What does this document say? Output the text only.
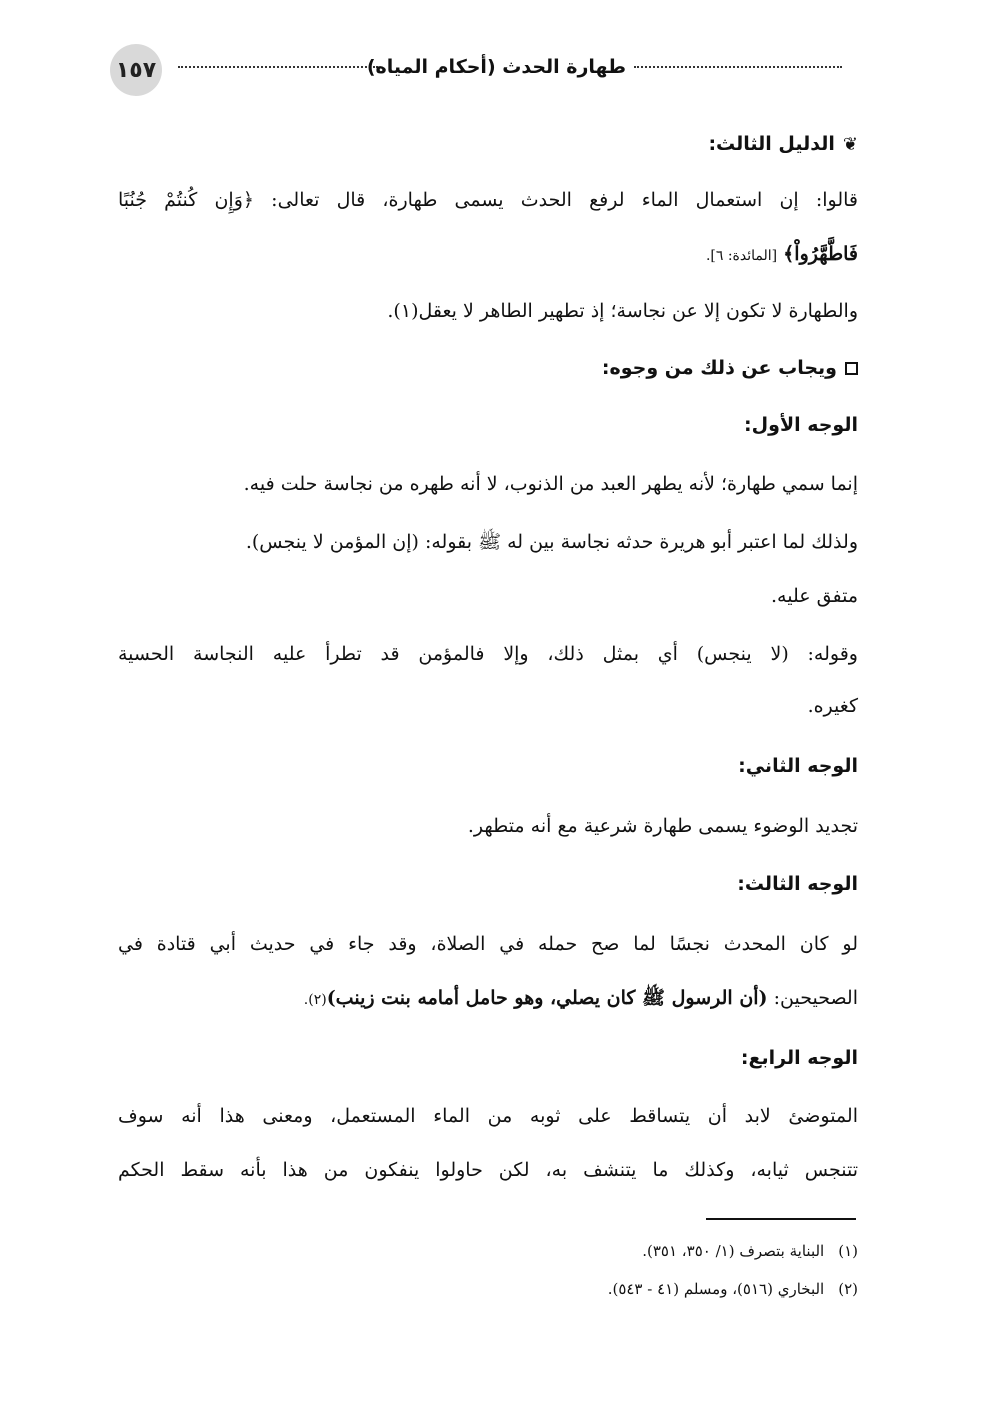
١٥٧	طهارة الحدث (أحكام المياه)
❦الدليل الثالث:
قالوا: إن استعمال الماء لرفع الحدث يسمى طهارة، قال تعالى: ﴿وَإِن كُنتُمْ جُنُبًا
فَاطَّهَّرُواْ﴾ [المائدة: ٦].
والطهارة لا تكون إلا عن نجاسة؛ إذ تطهير الطاهر لا يعقل(١).
ويجاب عن ذلك من وجوه:
الوجه الأول:
إنما سمي طهارة؛ لأنه يطهر العبد من الذنوب، لا أنه طهره من نجاسة حلت فيه.
ولذلك لما اعتبر أبو هريرة حدثه نجاسة بين له ﷺ بقوله: (إن المؤمن لا ينجس).
متفق عليه.
وقوله: (لا ينجس) أي بمثل ذلك، وإلا فالمؤمن قد تطرأ عليه النجاسة الحسية
كغيره.
الوجه الثاني:
تجديد الوضوء يسمى طهارة شرعية مع أنه متطهر.
الوجه الثالث:
لو كان المحدث نجسًا لما صح حمله في الصلاة، وقد جاء في حديث أبي قتادة في
الصحيحين: (أن الرسول ﷺ كان يصلي، وهو حامل أمامه بنت زينب)(٢).
الوجه الرابع:
المتوضئ لابد أن يتساقط على ثوبه من الماء المستعمل، ومعنى هذا أنه سوف
تتنجس ثيابه، وكذلك ما يتنشف به، لكن حاولوا ينفكون من هذا بأنه سقط الحكم
(١)البناية بتصرف (١/ ٣٥٠، ٣٥١).
(٢)البخاري (٥١٦)، ومسلم (٤١ - ٥٤٣).
